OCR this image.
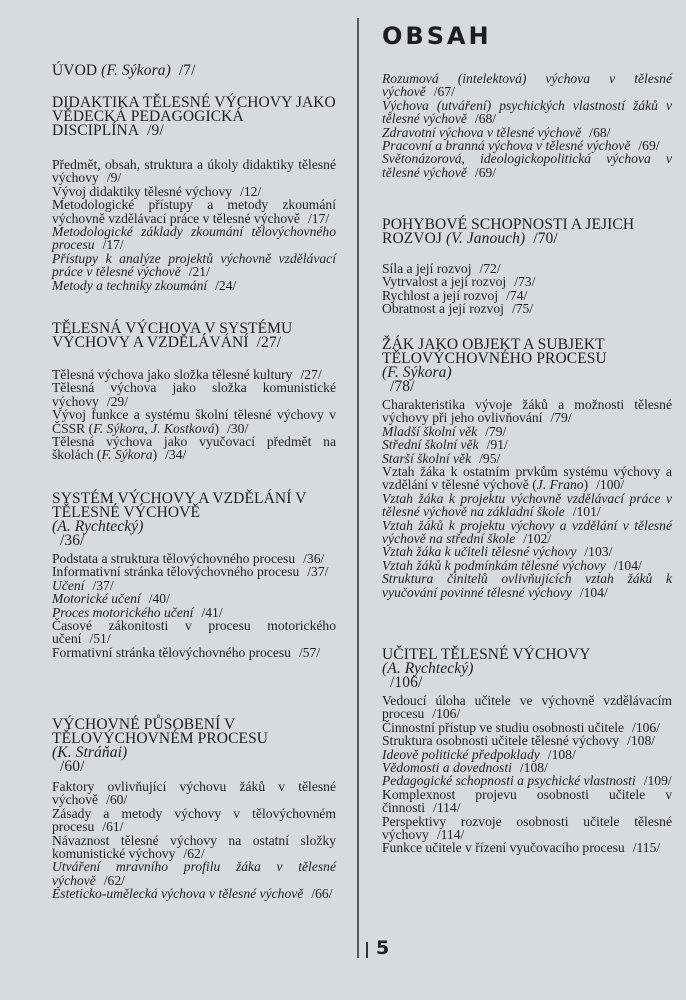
OBSAH
ÚVOD (F. Sýkora) /7/
DIDAKTIKA TĚLESNÉ VÝCHOVY JAKO VĚDECKÁ PEDAGOGICKÁ DISCIPLÍNA /9/
Předmět, obsah, struktura a úkoly didaktiky tělesné výchovy /9/
Vývoj didaktiky tělesné výchovy /12/
Metodologické přístupy a metody zkoumání výchovně vzdělávací práce v tělesné výchově /17/
Metodologické základy zkoumání tělovýchovného procesu /17/
Přístupy k analýze projektů výchovně vzdělávací práce v tělesné výchově /21/
Metody a techniky zkoumání /24/
TĚLESNÁ VÝCHOVA V SYSTÉMU VÝCHOVY A VZDĚLÁVÁNÍ /27/
Tělesná výchova jako složka tělesné kultury /27/
Tělesná výchova jako složka komunistické výchovy /29/
Vývoj funkce a systému školní tělesné výchovy v ČSSR (F. Sýkora, J. Kostková) /30/
Tělesná výchova jako vyučovací předmět na školách (F. Sýkora) /34/
SYSTÉM VÝCHOVY A VZDĚLÁNÍ V TĚLESNÉ VÝCHOVĚ
(A. Rychtecký)
/36/
Podstata a struktura tělovýchovného procesu /36/
Informativní stránka tělovýchovného procesu /37/
Učení /37/
Motorické učení /40/
Proces motorického učení /41/
Časové zákonitosti v procesu motorického učení /51/
Formativní stránka tělovýchovného procesu /57/
VÝCHOVNÉ PŮSOBENÍ V TĚLOVÝCHOVNÉM PROCESU
(K. Stráňai)
/60/
Faktory ovlivňující výchovu žáků v tělesné výchově /60/
Zásady a metody výchovy v tělovýchovném procesu /61/
Návaznost tělesné výchovy na ostatní složky komunistické výchovy /62/
Utváření mravního profilu žáka v tělesné výchově /62/
Esteticko-umělecká výchova v tělesné výchově /66/
Rozumová (intelektová) výchova v tělesné výchově /67/
Výchova (utváření) psychických vlastností žáků v tělesné výchově /68/
Zdravotní výchova v tělesné výchově /68/
Pracovní a branná výchova v tělesné výchově /69/
Světonázorová, ideologickopolitická výchova v tělesné výchově /69/
POHYBOVÉ SCHOPNOSTI A JEJICH ROZVOJ (V. Janouch) /70/
Síla a její rozvoj /72/
Vytrvalost a její rozvoj /73/
Rychlost a její rozvoj /74/
Obratnost a její rozvoj /75/
ŽÁK JAKO OBJEKT A SUBJEKT TĚLOVÝCHOVNÉHO PROCESU
(F. Sýkora)
/78/
Charakteristika vývoje žáků a možnosti tělesné výchovy při jeho ovlivňování /79/
Mladší školní věk /79/
Střední školní věk /91/
Starší školní věk /95/
Vztah žáka k ostatním prvkům systému výchovy a vzdělání v tělesné výchově (J. Frano) /100/
Vztah žáka k projektu výchovně vzdělávací práce v tělesné výchově na základní škole /101/
Vztah žáků k projektu výchovy a vzdělání v tělesné výchově na střední škole /102/
Vztah žáka k učiteli tělesné výchovy /103/
Vztah žáků k podmínkám tělesné výchovy /104/
Struktura činitelů ovlivňujících vztah žáků k vyučování povinné tělesné výchovy /104/
UČITEL TĚLESNÉ VÝCHOVY
(A. Rychtecký)
/106/
Vedoucí úloha učitele ve výchovně vzdělávacím procesu /106/
Činnostní přístup ve studiu osobnosti učitele /106/
Struktura osobnosti učitele tělesné výchovy /108/
Ideově politické předpoklady /108/
Vědomosti a dovednosti /108/
Pedagogické schopnosti a psychické vlastnosti /109/
Komplexnost projevu osobnosti učitele v činnosti /114/
Perspektivy rozvoje osobnosti učitele tělesné výchovy /114/
Funkce učitele v řízení vyučovacího procesu /115/
5
